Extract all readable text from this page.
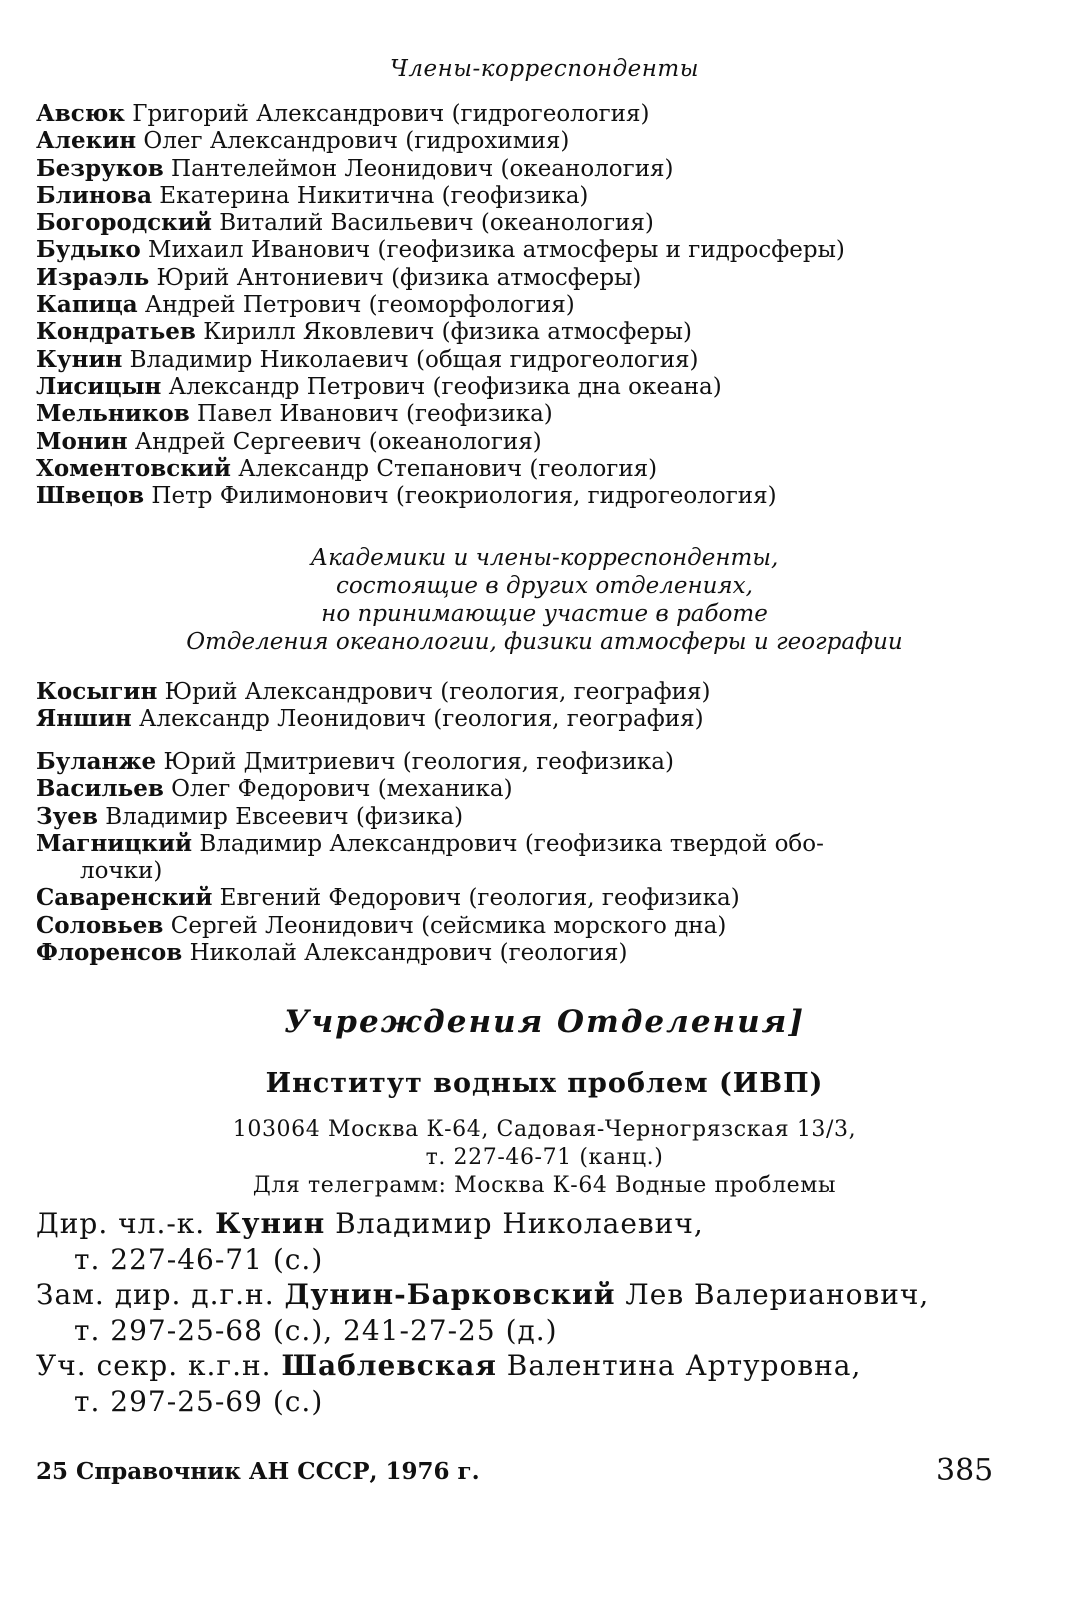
Члены-корреспонденты
Авсюк Григорий Александрович (гидрогеология)
Алекин Олег Александрович (гидрохимия)
Безруков Пантелеймон Леонидович (океанология)
Блинова Екатерина Никитична (геофизика)
Богородский Виталий Васильевич (океанология)
Будыко Михаил Иванович (геофизика атмосферы и гидросферы)
Израэль Юрий Антониевич (физика атмосферы)
Капица Андрей Петрович (геоморфология)
Кондратьев Кирилл Яковлевич (физика атмосферы)
Кунин Владимир Николаевич (общая гидрогеология)
Лисицын Александр Петрович (геофизика дна океана)
Мельников Павел Иванович (геофизика)
Монин Андрей Сергеевич (океанология)
Хоментовский Александр Степанович (геология)
Швецов Петр Филимонович (геокриология, гидрогеология)
Академики и члены-корреспонденты,
состоящие в других отделениях,
но принимающие участие в работе
Отделения океанологии, физики атмосферы и географии
Косыгин Юрий Александрович (геология, география)
Яншин Александр Леонидович (геология, география)
Буланже Юрий Дмитриевич (геология, геофизика)
Васильев Олег Федорович (механика)
Зуев Владимир Евсеевич (физика)
Магницкий Владимир Александрович (геофизика твердой обо-
лочки)
Саваренский Евгений Федорович (геология, геофизика)
Соловьев Сергей Леонидович (сейсмика морского дна)
Флоренсов Николай Александрович (геология)
Учреждения Отделения]
Институт водных проблем (ИВП)
103064 Москва К-64, Садовая-Черногрязская 13/3,
т. 227-46-71 (канц.)
Для телеграмм: Москва К-64 Водные проблемы
Дир. чл.-к. Кунин Владимир Николаевич,
т. 227-46-71 (с.)
Зам. дир. д.г.н. Дунин-Барковский Лев Валерианович,
т. 297-25-68 (с.), 241-27-25 (д.)
Уч. секр. к.г.н. Шаблевская Валентина Артуровна,
т. 297-25-69 (с.)
25 Справочник АН СССР, 1976 г.	385
